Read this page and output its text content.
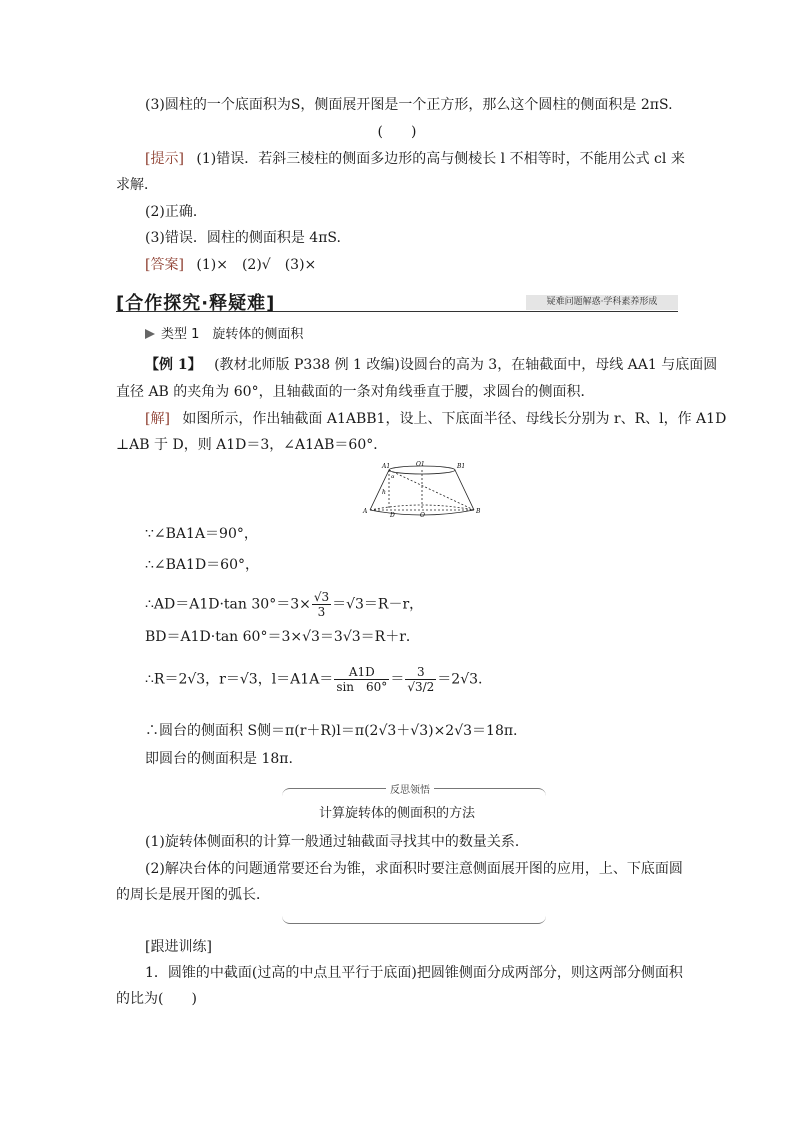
(3)圆柱的一个底面积为S，侧面展开图是一个正方形，那么这个圆柱的侧面积是 2πS.
(　　)
[提示] (1)错误．若斜三棱柱的侧面多边形的高与侧棱长 l 不相等时，不能用公式 cl 来
求解．
(2)正确．
(3)错误．圆柱的侧面积是 4πS.
[答案] (1)×　(2)√　(3)×
[合作探究·释疑难]	疑难问题解惑·学科素养形成
类型 1　旋转体的侧面积
【例 1】 (教材北师版 P338 例 1 改编)设圆台的高为 3，在轴截面中，母线 AA1 与底面圆
直径 AB 的夹角为 60°，且轴截面的一条对角线垂直于腰，求圆台的侧面积．
[解] 如图所示，作出轴截面 A1ABB1，设上、下底面半径、母线长分别为 r、R、l，作 A1D
⊥AB 于 D，则 A1D＝3，∠A1AB＝60°．
A1	O1	B1
h
α
A
D	O
B
∵∠BA1A＝90°，
∴∠BA1D＝60°，
∴AD＝A1D·tan $30^\circ=3\times \frac{√3}{3} =√3=R-r$，
BD＝A1D·tan 60°＝3×√3＝3√3＝R＋r．
∴R＝2√3，r＝√3，$l=A1A= \frac{A1D}{\sin 60^\circ} = \frac{3}{√3/2} =2√3$.
∴圆台的侧面积 S侧＝π(r＋R)l＝π(2√3＋√3)×2√3＝18π.
即圆台的侧面积是 18π.
反思领悟
计算旋转体的侧面积的方法
(1)旋转体侧面积的计算一般通过轴截面寻找其中的数量关系．
(2)解决台体的问题通常要还台为锥，求面积时要注意侧面展开图的应用，上、下底面圆
的周长是展开图的弧长．
[跟进训练]
1．圆锥的中截面(过高的中点且平行于底面)把圆锥侧面分成两部分，则这两部分侧面积
的比为(　　)
